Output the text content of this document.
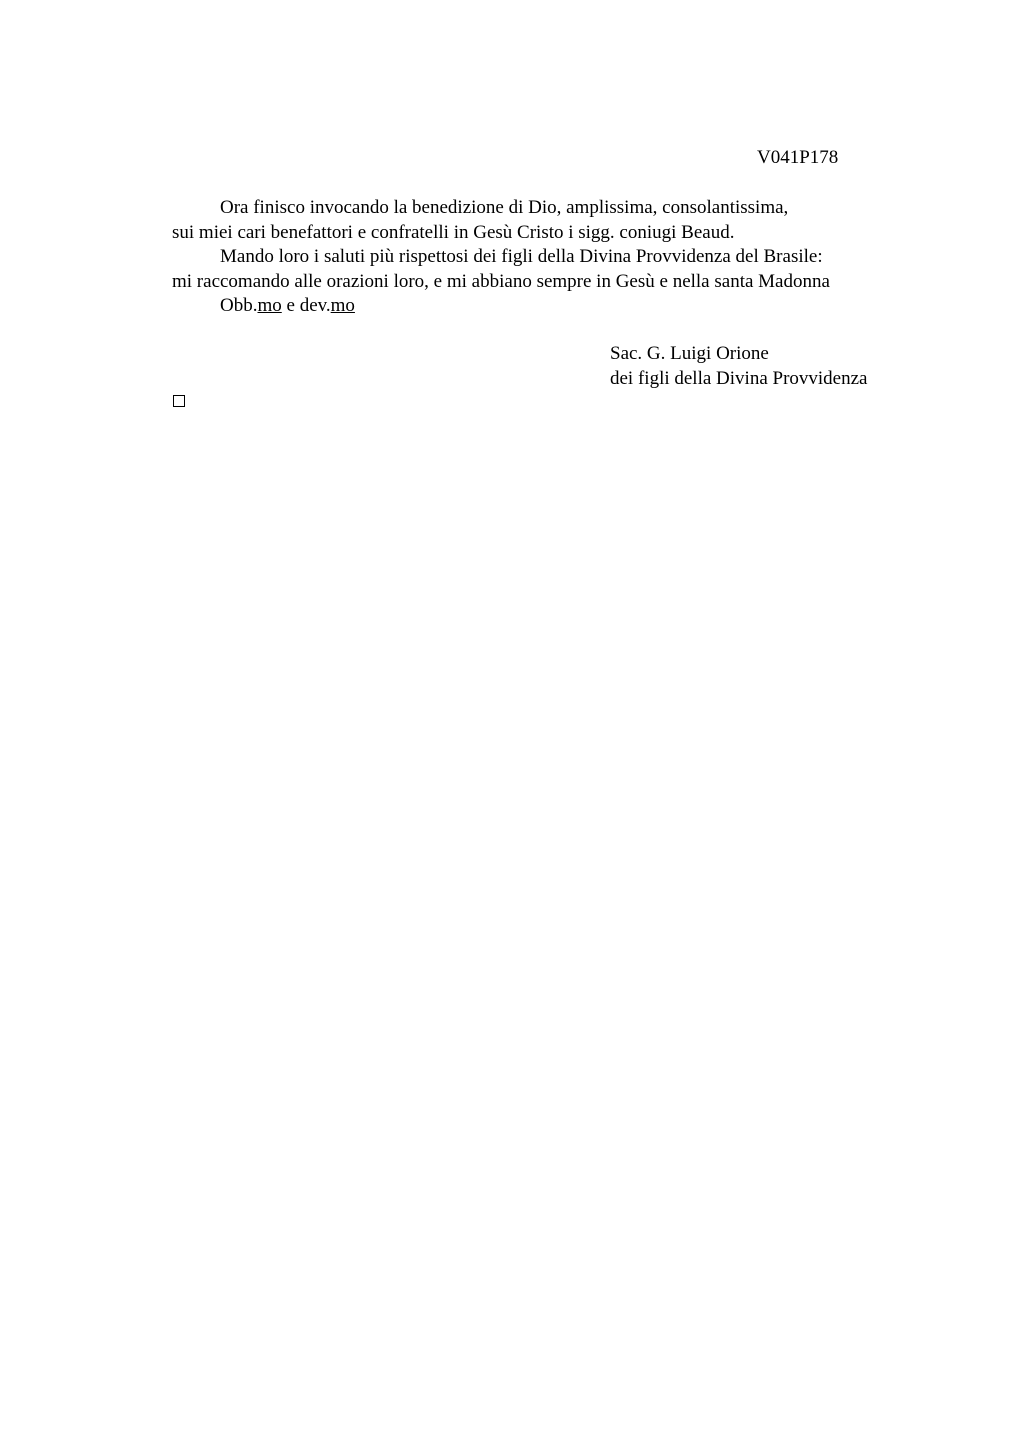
V041P178
Ora finisco invocando la benedizione di Dio, amplissima, consolantissima,
sui miei cari benefattori e confratelli in Gesù Cristo i sigg. coniugi Beaud.
Mando loro i saluti più rispettosi dei figli della Divina Provvidenza del Brasile:
mi raccomando alle orazioni loro, e mi abbiano sempre in Gesù e nella santa Madonna
Obb.mo e dev.mo
Sac. G. Luigi Orione
dei figli della Divina Provvidenza
